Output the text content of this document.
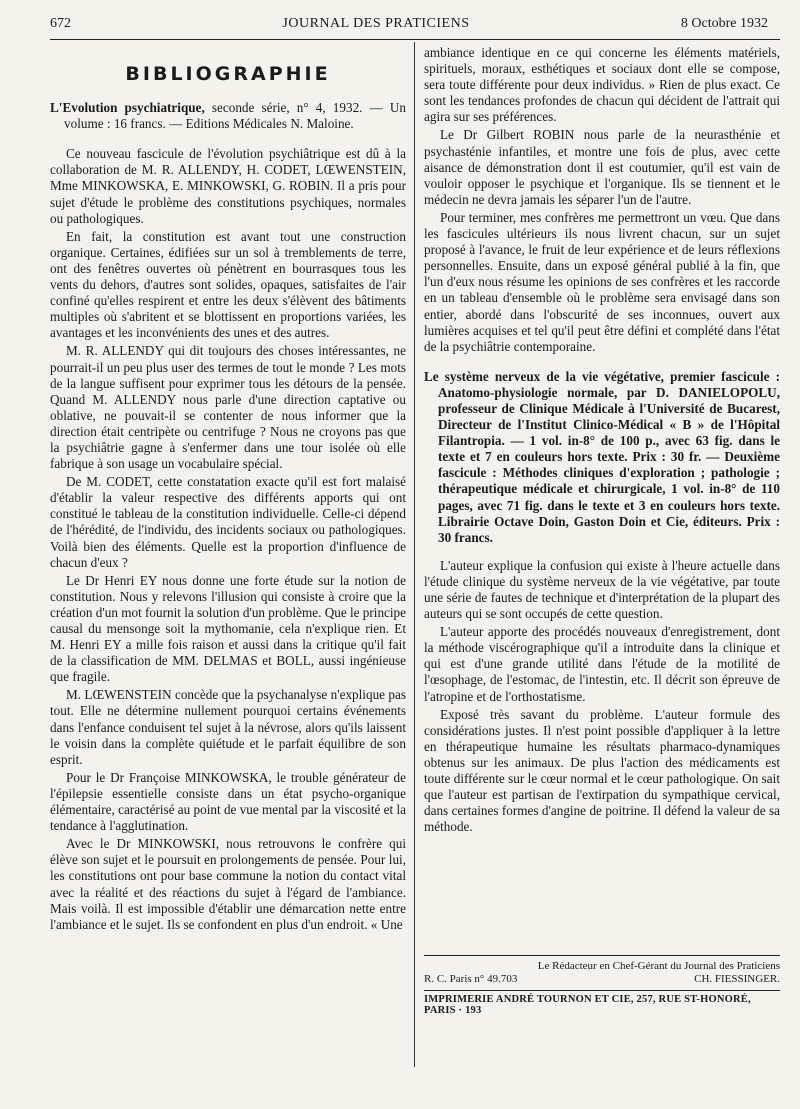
672	JOURNAL DES PRATICIENS	8 Octobre 1932
BIBLIOGRAPHIE

L'Evolution psychiatrique, seconde série, n° 4, 1932. — Un volume : 16 francs. — Editions Médicales N. Maloine.

Ce nouveau fascicule de l'évolution psychiâtrique est dû à la collaboration de M. R. ALLENDY, H. CODET, LŒWENSTEIN, Mme MINKOWSKA, E. MINKOWSKI, G. ROBIN. Il a pris pour sujet d'étude le problème des constitutions psychiques, normales ou pathologiques.

En fait, la constitution est avant tout une construction organique. Certaines, édifiées sur un sol à tremblements de terre, ont des fenêtres ouvertes où pénètrent en bourrasques tous les vents du dehors, d'autres sont solides, opaques, satisfaites de l'air confiné qu'elles respirent et entre les deux s'élèvent des bâtiments multiples où s'abritent et se blottissent en proportions variées, les avantages et les inconvénients des unes et des autres.

M. R. ALLENDY qui dit toujours des choses intéressantes, ne pourrait-il un peu plus user des termes de tout le monde ? Les mots de la langue suffisent pour exprimer tous les détours de la pensée. Quand M. ALLENDY nous parle d'une direction captative ou oblative, ne pouvait-il se contenter de nous informer que la direction était centripète ou centrifuge ? Nous ne croyons pas que la psychiâtrie gagne à s'enfermer dans une tour isolée où elle fabrique à son usage un vocabulaire spécial.

De M. CODET, cette constatation exacte qu'il est fort malaisé d'établir la valeur respective des différents apports qui ont constitué le tableau de la constitution individuelle. Celle-ci dépend de l'hérédité, de l'individu, des incidents sociaux ou pathologiques. Voilà bien des éléments. Quelle est la proportion d'influence de chacun d'eux ?

Le Dr Henri EY nous donne une forte étude sur la notion de constitution. Nous y relevons l'illusion qui consiste à croire que la création d'un mot fournit la solution d'un problème. Que le principe causal du mensonge soit la mythomanie, cela n'explique rien. Et M. Henri EY a mille fois raison et aussi dans la critique qu'il fait de la classification de MM. DELMAS et BOLL, aussi ingénieuse que fragile.

M. LŒWENSTEIN concède que la psychanalyse n'explique pas tout. Elle ne détermine nullement pourquoi certains événements dans l'enfance conduisent tel sujet à la névrose, alors qu'ils laissent le voisin dans la complète quiétude et le parfait équilibre de son esprit.

Pour le Dr Françoise MINKOWSKA, le trouble générateur de l'épilepsie essentielle consiste dans un état psycho-organique élémentaire, caractérisé au point de vue mental par la viscosité et la tendance à l'agglutination.

Avec le Dr MINKOWSKI, nous retrouvons le confrère qui élève son sujet et le poursuit en prolongements de pensée. Pour lui, les constitutions ont pour base commune la notion du contact vital avec la réalité et des réactions du sujet à l'égard de l'ambiance. Mais voilà. Il est impossible d'établir une démarcation nette entre l'ambiance et le sujet. Ils se confondent en plus d'un endroit. « Une

ambiance identique en ce qui concerne les éléments matériels, spirituels, moraux, esthétiques et sociaux dont elle se compose, sera toute différente pour deux individus. » Rien de plus exact. Ce sont les tendances profondes de chacun qui décident de l'attrait qui agira sur ses préférences.

Le Dr Gilbert ROBIN nous parle de la neurasthénie et psychasténie infantiles, et montre une fois de plus, avec cette aisance de démonstration dont il est coutumier, qu'il est vain de vouloir opposer le psychique et l'organique. Ils se tiennent et le médecin ne devra jamais les séparer l'un de l'autre.

Pour terminer, mes confrères me permettront un vœu. Que dans les fascicules ultérieurs ils nous livrent chacun, sur un sujet proposé à l'avance, le fruit de leur expérience et de leurs réflexions personnelles. Ensuite, dans un exposé général publié à la fin, que l'un d'eux nous résume les opinions de ses confrères et les raccorde en un tableau d'ensemble où le problème sera envisagé dans son entier, abordé dans l'obscurité de ses inconnues, ouvert aux lumières acquises et tel qu'il peut être défini et complété dans l'état de la psychiâtrie contemporaine.

Le système nerveux de la vie végétative, premier fascicule : Anatomo-physiologie normale, par D. DANIELOPOLU, professeur de Clinique Médicale à l'Université de Bucarest, Directeur de l'Institut Clinico-Médical « B » de l'Hôpital Filantropia. — 1 vol. in-8° de 100 p., avec 63 fig. dans le texte et 7 en couleurs hors texte. Prix : 30 fr. — Deuxième fascicule : Méthodes cliniques d'exploration ; pathologie ; thérapeutique médicale et chirurgicale, 1 vol. in-8° de 110 pages, avec 71 fig. dans le texte et 3 en couleurs hors texte. Librairie Octave Doin, Gaston Doin et Cie, éditeurs. Prix : 30 francs.

L'auteur explique la confusion qui existe à l'heure actuelle dans l'étude clinique du système nerveux de la vie végétative, par toute une série de fautes de technique et d'interprétation de la plupart des auteurs qui se sont occupés de cette question.

L'auteur apporte des procédés nouveaux d'enregistrement, dont la méthode viscérographique qu'il a introduite dans la clinique et qui est d'une grande utilité dans l'étude de la motilité de l'œsophage, de l'estomac, de l'intestin, etc. Il décrit son épreuve de l'atropine et de l'orthostatisme.

Exposé très savant du problème. L'auteur formule des considérations justes. Il n'est point possible d'appliquer à la lettre en thérapeutique humaine les résultats pharmaco-dynamiques obtenus sur les animaux. De plus l'action des médicaments est toute différente sur le cœur normal et le cœur pathologique. On sait que l'auteur est partisan de l'extirpation du sympathique cervical, dans certaines formes d'angine de poitrine. Il défend la valeur de sa méthode.

Le Rédacteur en Chef-Gérant du Journal des Praticiens
R. C. Paris n° 49.703	CH. FIESSINGER.
IMPRIMERIE ANDRÉ TOURNON ET CIE, 257, RUE ST-HONORÉ, PARIS · 193
